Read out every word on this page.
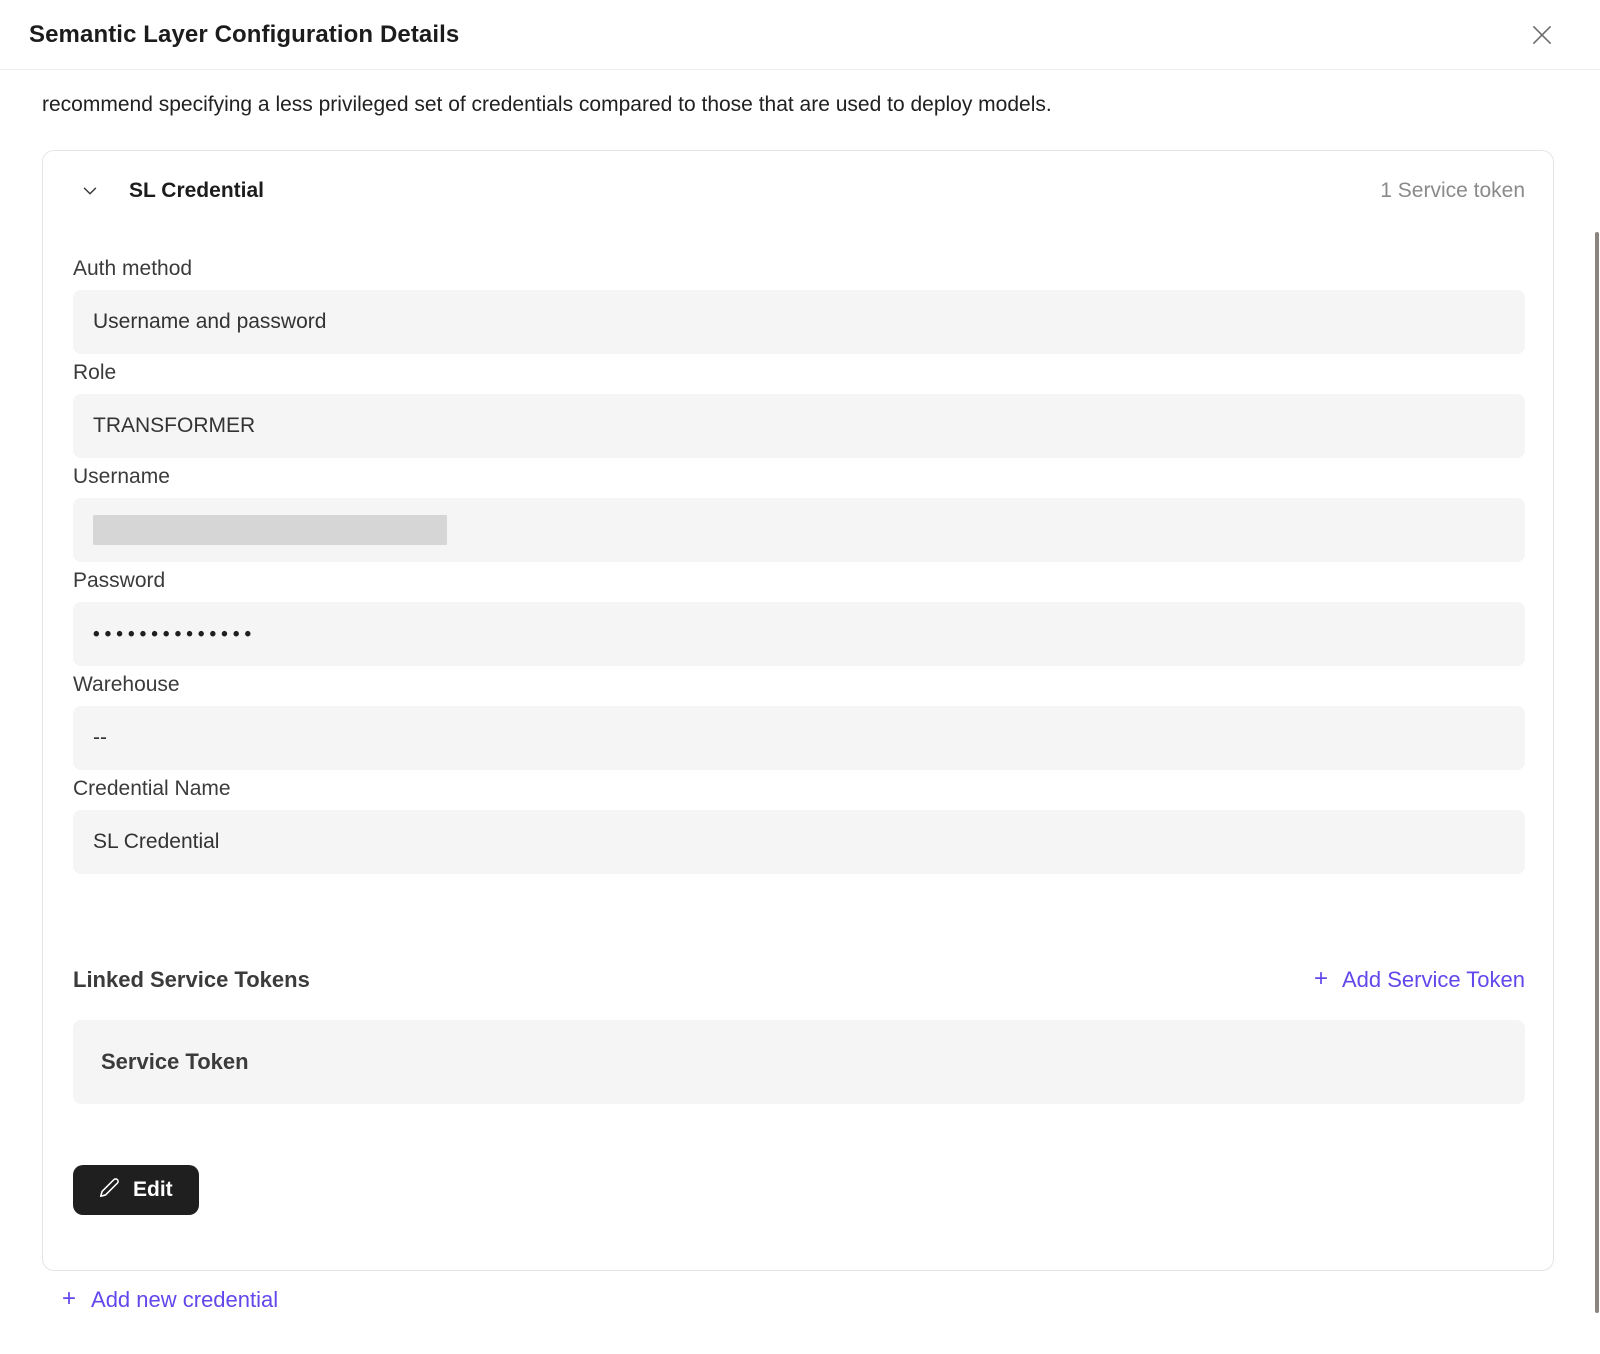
Semantic Layer Configuration Details
recommend specifying a less privileged set of credentials compared to those that are used to deploy models.
SL Credential	1 Service token
Auth method
Username and password
Role
TRANSFORMER
Username
Password
••••••••••••••
Warehouse
--
Credential Name
SL Credential
Linked Service Tokens	+ Add Service Token
Service Token
Edit
+ Add new credential
